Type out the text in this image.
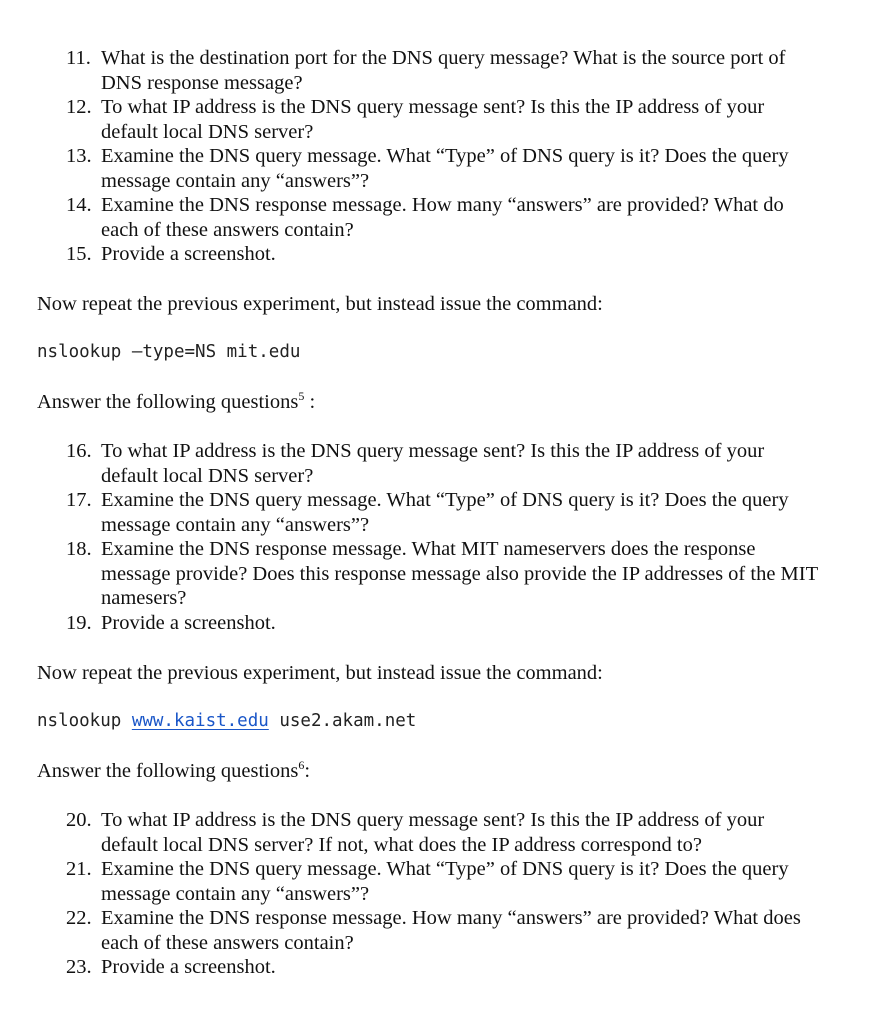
11. What is the destination port for the DNS query message? What is the source port of DNS response message?
12. To what IP address is the DNS query message sent? Is this the IP address of your default local DNS server?
13. Examine the DNS query message. What “Type” of DNS query is it? Does the query message contain any “answers”?
14. Examine the DNS response message. How many “answers” are provided? What do each of these answers contain?
15. Provide a screenshot.
Now repeat the previous experiment, but instead issue the command:
nslookup –type=NS mit.edu
Answer the following questions$^5$ :
16. To what IP address is the DNS query message sent? Is this the IP address of your default local DNS server?
17. Examine the DNS query message. What “Type” of DNS query is it? Does the query message contain any “answers”?
18. Examine the DNS response message. What MIT nameservers does the response message provide? Does this response message also provide the IP addresses of the MIT namesers?
19. Provide a screenshot.
Now repeat the previous experiment, but instead issue the command:
nslookup www.kaist.edu use2.akam.net
Answer the following questions$^6$:
20. To what IP address is the DNS query message sent? Is this the IP address of your default local DNS server? If not, what does the IP address correspond to?
21. Examine the DNS query message. What “Type” of DNS query is it? Does the query message contain any “answers”?
22. Examine the DNS response message. How many “answers” are provided? What does each of these answers contain?
23. Provide a screenshot.
